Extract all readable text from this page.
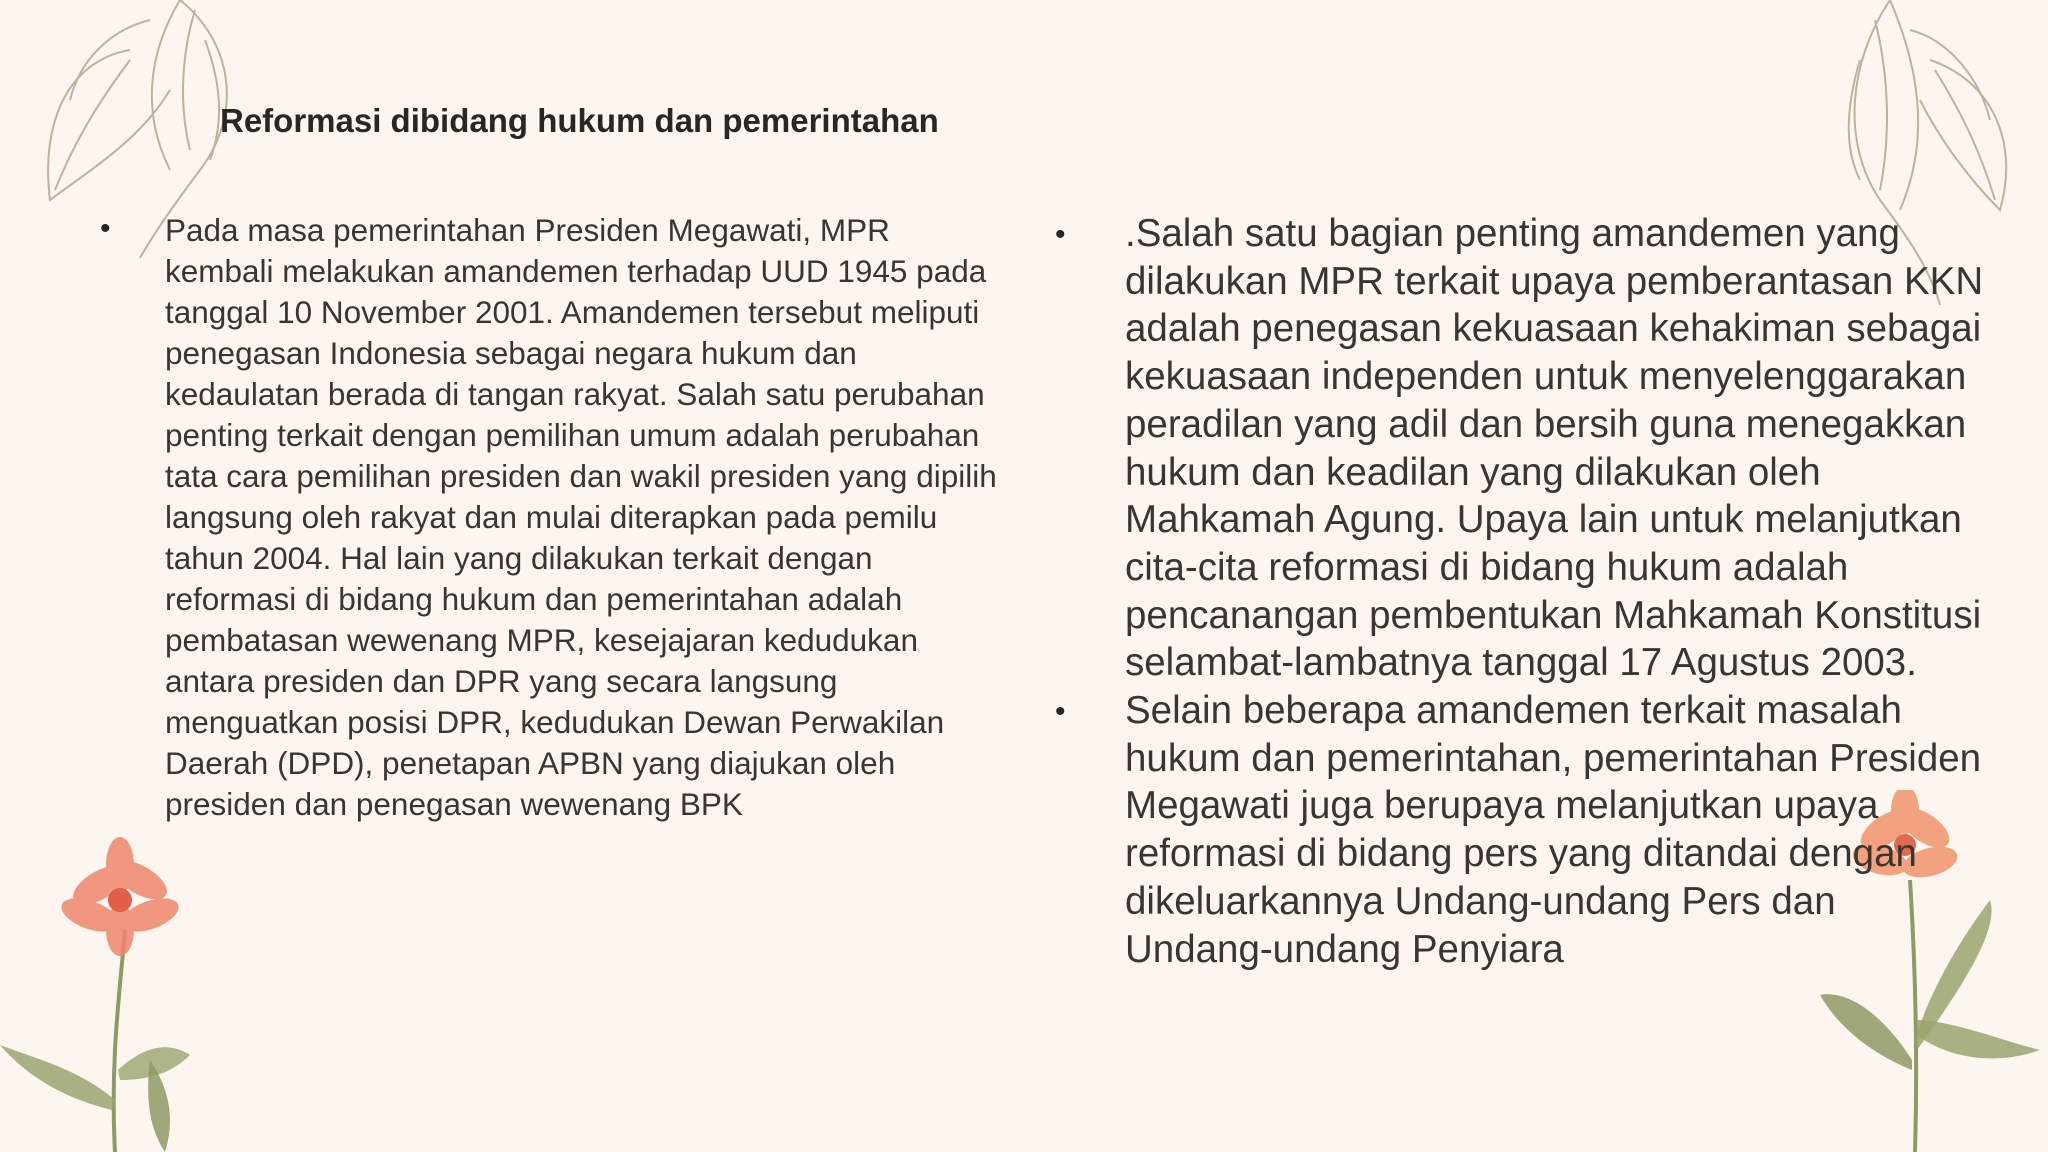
Reformasi dibidang hukum dan pemerintahan
• Pada masa pemerintahan Presiden Megawati, MPR kembali melakukan amandemen terhadap UUD 1945 pada tanggal 10 November 2001. Amandemen tersebut meliputi penegasan Indonesia sebagai negara hukum dan kedaulatan berada di tangan rakyat. Salah satu perubahan penting terkait dengan pemilihan umum adalah perubahan tata cara pemilihan presiden dan wakil presiden yang dipilih langsung oleh rakyat dan mulai diterapkan pada pemilu tahun 2004. Hal lain yang dilakukan terkait dengan reformasi di bidang hukum dan pemerintahan adalah pembatasan wewenang MPR, kesejajaran kedudukan antara presiden dan DPR yang secara langsung menguatkan posisi DPR, kedudukan Dewan Perwakilan Daerah (DPD), penetapan APBN yang diajukan oleh presiden dan penegasan wewenang BPK
• .Salah satu bagian penting amandemen yang dilakukan MPR terkait upaya pemberantasan KKN adalah penegasan kekuasaan kehakiman sebagai kekuasaan independen untuk menyelenggarakan peradilan yang adil dan bersih guna menegakkan hukum dan keadilan yang dilakukan oleh Mahkamah Agung. Upaya lain untuk melanjutkan cita-cita reformasi di bidang hukum adalah pencanangan pembentukan Mahkamah Konstitusi selambat-lambatnya tanggal 17 Agustus 2003.
• Selain beberapa amandemen terkait masalah hukum dan pemerintahan, pemerintahan Presiden Megawati juga berupaya melanjutkan upaya reformasi di bidang pers yang ditandai dengan dikeluarkannya Undang-undang Pers dan Undang-undang Penyiara
